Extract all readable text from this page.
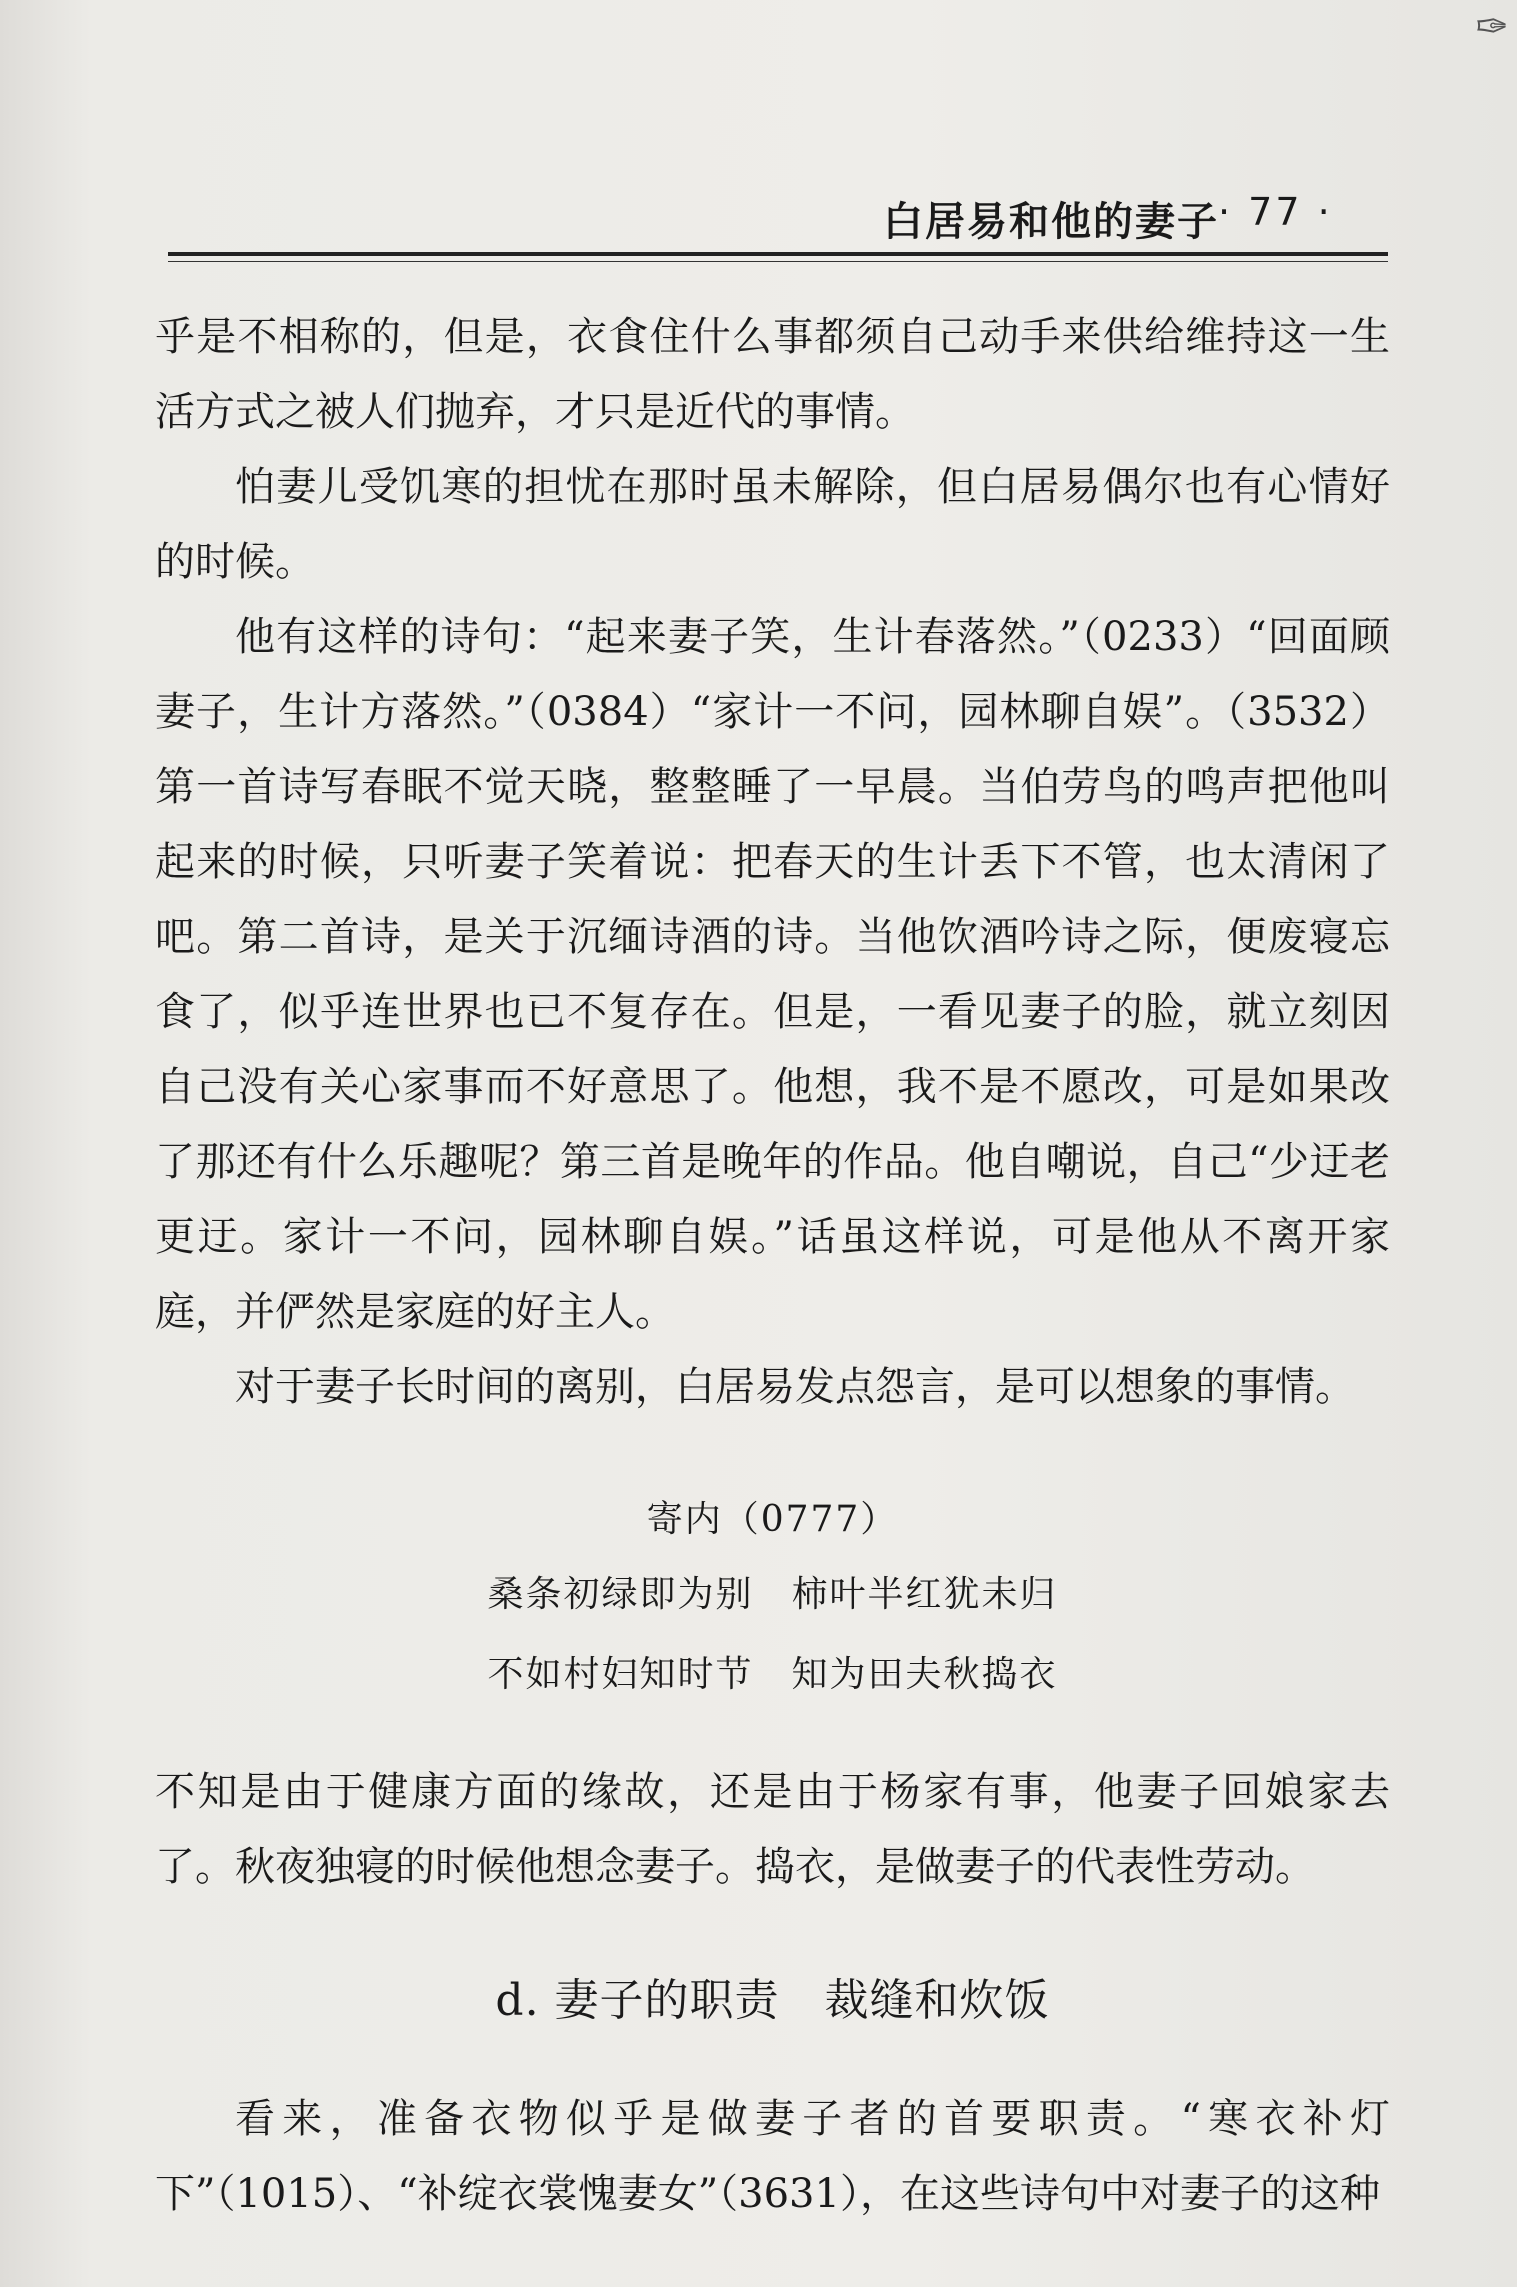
✑
白居易和他的妻子 · 77 ·

乎是不相称的，但是，衣食住什么事都须自己动手来供给维持这一生活方式之被人们抛弃，才只是近代的事情。

怕妻儿受饥寒的担忧在那时虽未解除，但白居易偶尔也有心情好的时候。

他有这样的诗句：“起来妻子笑，生计春落然。”（0233）“回面顾妻子，生计方落然。”（0384）“家计一不问，园林聊自娱”。（3532）第一首诗写春眠不觉天晓，整整睡了一早晨。当伯劳鸟的鸣声把他叫起来的时候，只听妻子笑着说：把春天的生计丢下不管，也太清闲了吧。第二首诗，是关于沉缅诗酒的诗。当他饮酒吟诗之际，便废寝忘食了，似乎连世界也已不复存在。但是，一看见妻子的脸，就立刻因自己没有关心家事而不好意思了。他想，我不是不愿改，可是如果改了那还有什么乐趣呢？第三首是晚年的作品。他自嘲说，自己“少迂老更迂。家计一不问，园林聊自娱。”话虽这样说，可是他从不离开家庭，并俨然是家庭的好主人。

对于妻子长时间的离别，白居易发点怨言，是可以想象的事情。

寄内（0777）
桑条初绿即为别　柿叶半红犹未归
不如村妇知时节　知为田夫秋捣衣

不知是由于健康方面的缘故，还是由于杨家有事，他妻子回娘家去了。秋夜独寝的时候他想念妻子。捣衣，是做妻子的代表性劳动。

d. 妻子的职责　裁缝和炊饭

看来，准备衣物似乎是做妻子者的首要职责。“寒衣补灯下”（1015）、“补绽衣裳愧妻女”（3631），在这些诗句中对妻子的这种
